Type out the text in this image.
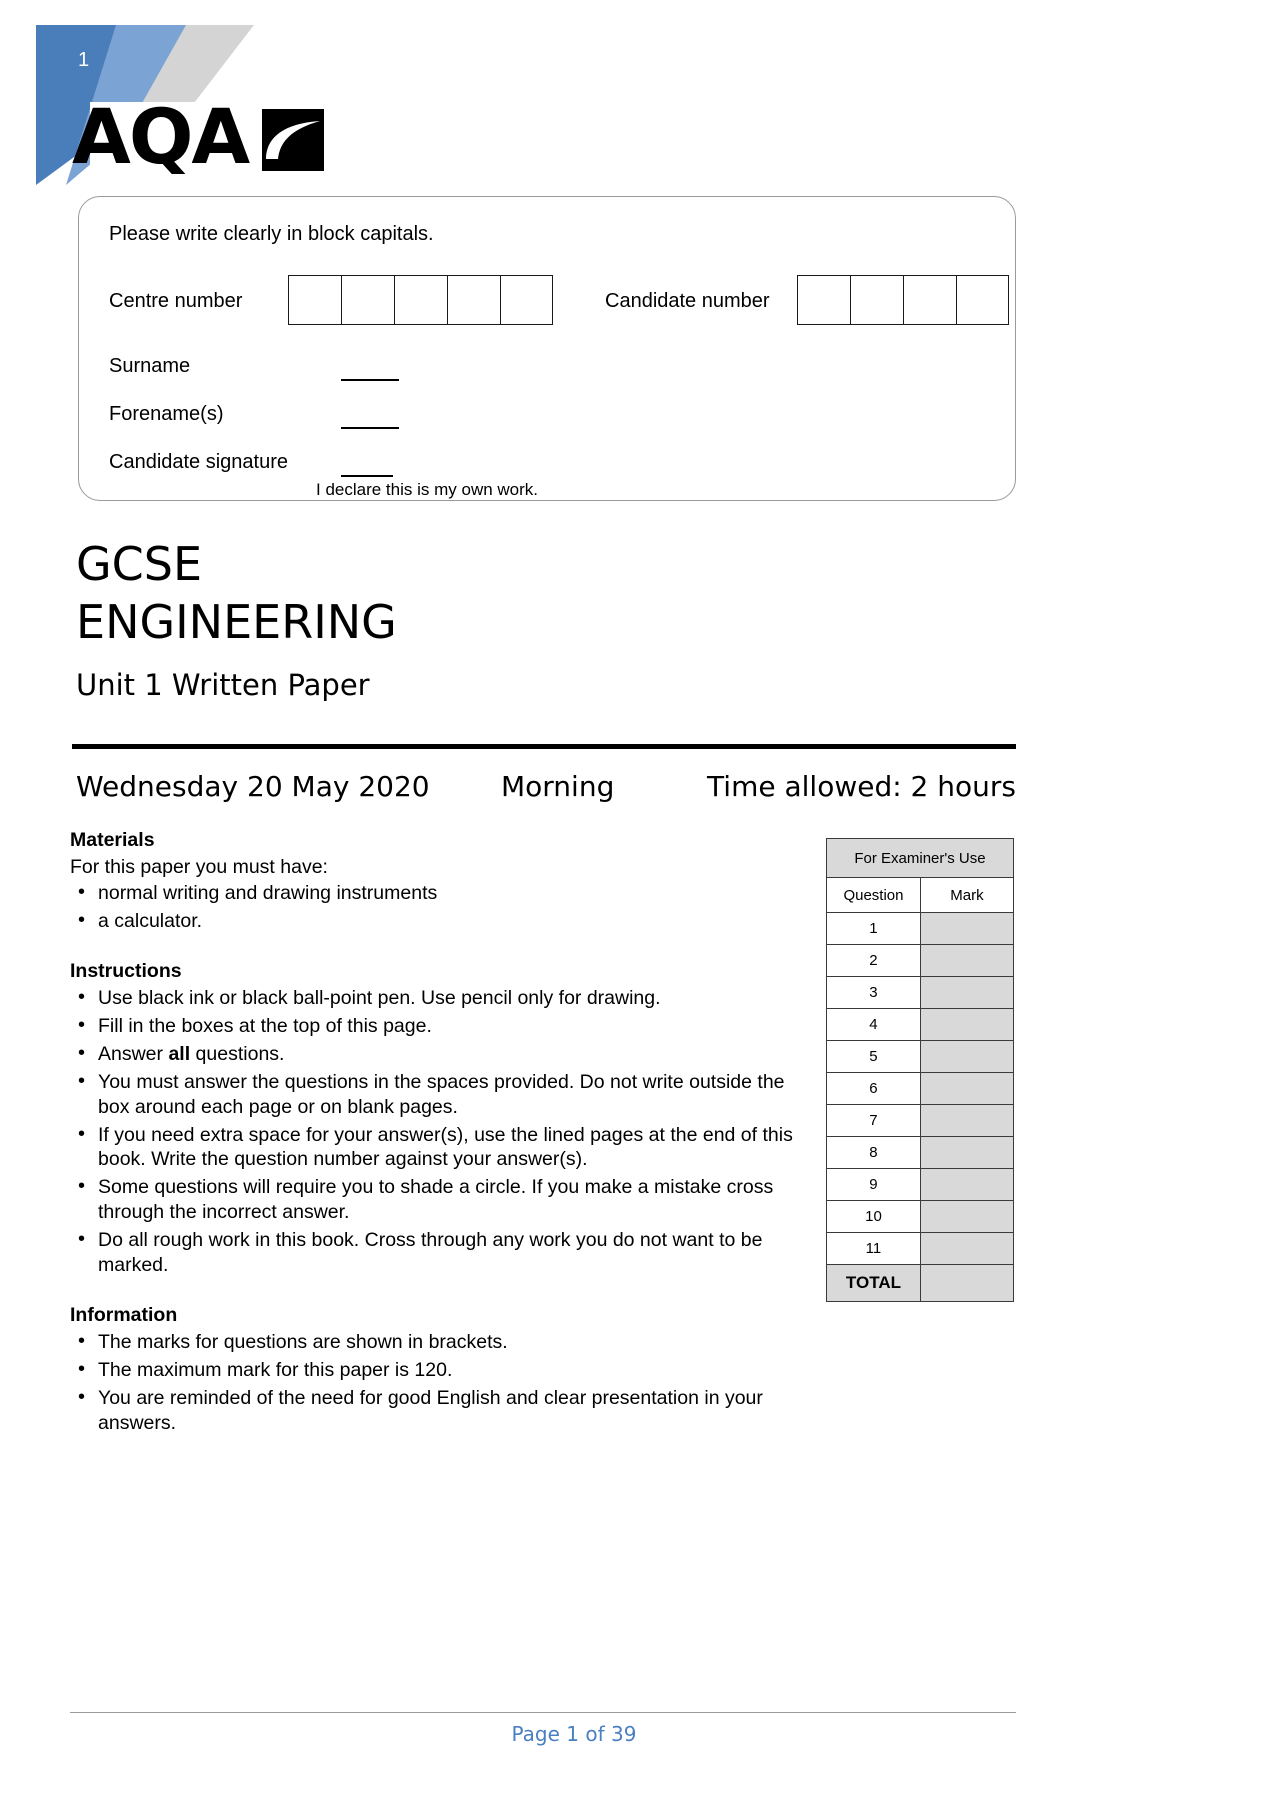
1
AQA
Please write clearly in block capitals.
Centre number	Candidate number
Surname
Forename(s)
Candidate signature
I declare this is my own work.
GCSE
ENGINEERING
Unit 1 Written Paper
Wednesday 20 May 2020	Morning	Time allowed: 2 hours
Materials
For this paper you must have:
• normal writing and drawing instruments
• a calculator.
Instructions
• Use black ink or black ball-point pen. Use pencil only for drawing.
• Fill in the boxes at the top of this page.
• Answer all questions.
• You must answer the questions in the spaces provided. Do not write outside the box around each page or on blank pages.
• If you need extra space for your answer(s), use the lined pages at the end of this book. Write the question number against your answer(s).
• Some questions will require you to shade a circle. If you make a mistake cross through the incorrect answer.
• Do all rough work in this book. Cross through any work you do not want to be marked.
Information
• The marks for questions are shown in brackets.
• The maximum mark for this paper is 120.
• You are reminded of the need for good English and clear presentation in your answers.
For Examiner's Use	
Question	Mark
1	
2	
3	
4	
5	
6	
7	
8	
9	
10	
11	
TOTAL	
Page 1 of 39
